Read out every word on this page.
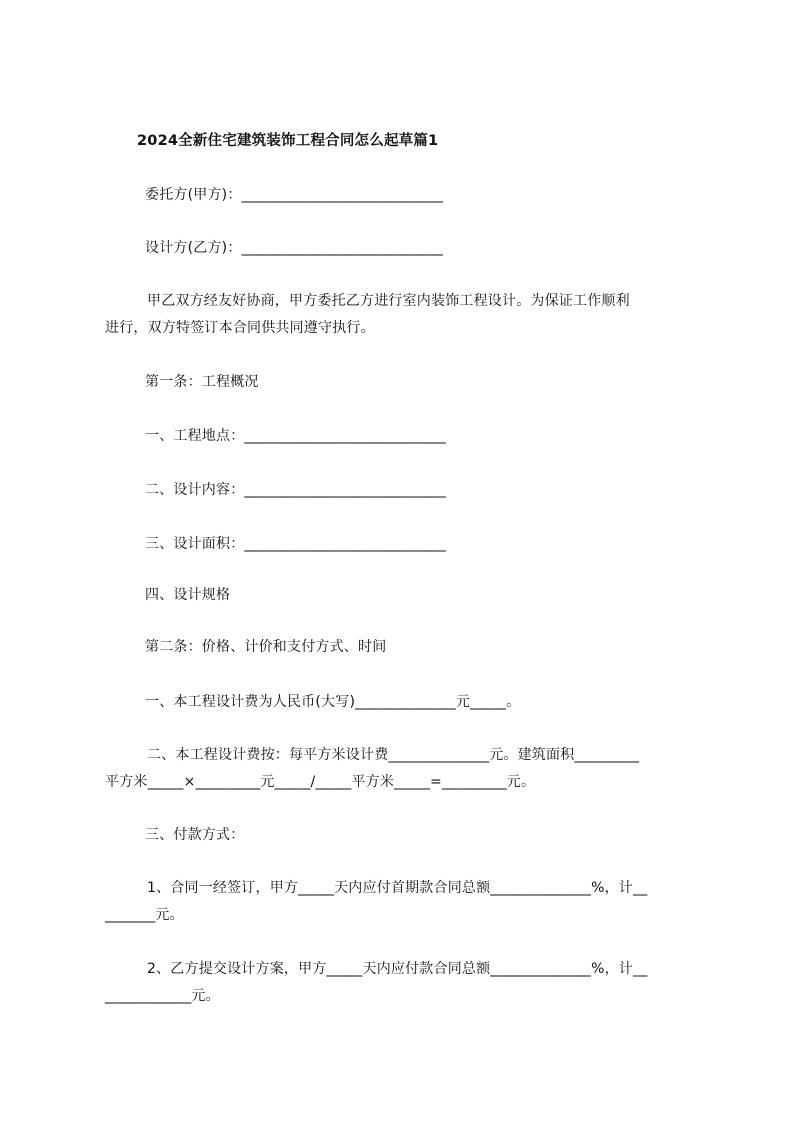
2024全新住宅建筑装饰工程合同怎么起草篇1
委托方(甲方)：____________________________
设计方(乙方)：____________________________
甲乙双方经友好协商，甲方委托乙方进行室内装饰工程设计。为保证工作顺利
进行，双方特签订本合同供共同遵守执行。
第一条：工程概况
一、工程地点：____________________________
二、设计内容：____________________________
三、设计面积：____________________________
四、设计规格
第二条：价格、计价和支付方式、时间
一、本工程设计费为人民币(大写)______________元_____。
二、本工程设计费按：每平方米设计费______________元。建筑面积_________
平方米_____×_________元_____/_____平方米_____=_________元。
三、付款方式：
1、合同一经签订，甲方_____天内应付首期款合同总额______________%，计__
_______元。
2、乙方提交设计方案，甲方_____天内应付款合同总额______________%，计__
____________元。
